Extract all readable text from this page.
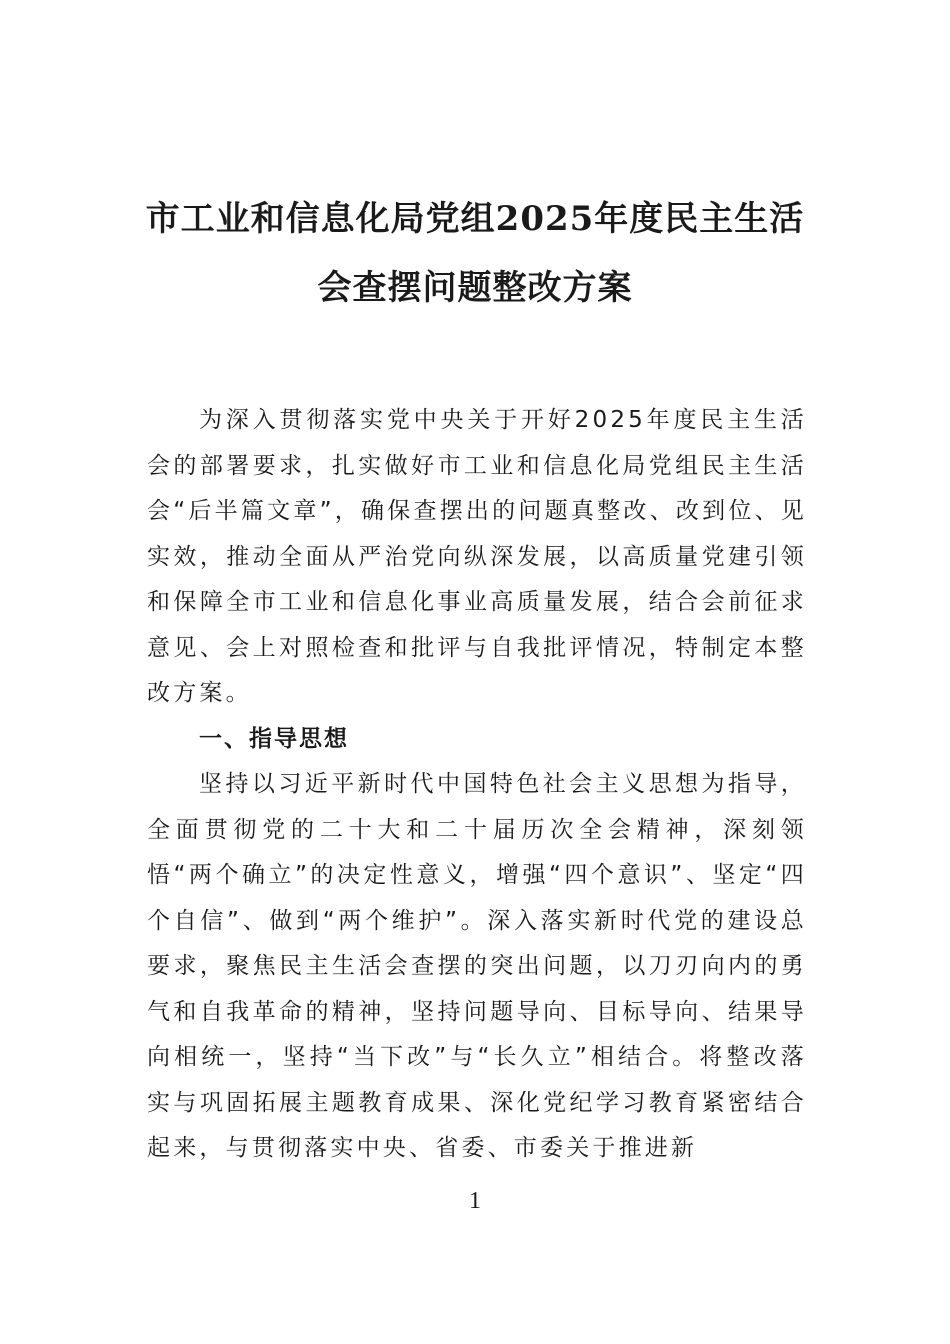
市工业和信息化局党组2025年度民主生活
会查摆问题整改方案

为深入贯彻落实党中央关于开好2025年度民主生活会的部署要求，扎实做好市工业和信息化局党组民主生活会“后半篇文章”，确保查摆出的问题真整改、改到位、见实效，推动全面从严治党向纵深发展，以高质量党建引领和保障全市工业和信息化事业高质量发展，结合会前征求意见、会上对照检查和批评与自我批评情况，特制定本整改方案。

一、指导思想

坚持以习近平新时代中国特色社会主义思想为指导，全面贯彻党的二十大和二十届历次全会精神，深刻领悟“两个确立”的决定性意义，增强“四个意识”、坚定“四个自信”、做到“两个维护”。深入落实新时代党的建设总要求，聚焦民主生活会查摆的突出问题，以刀刃向内的勇气和自我革命的精神，坚持问题导向、目标导向、结果导向相统一，坚持“当下改”与“长久立”相结合。将整改落实与巩固拓展主题教育成果、深化党纪学习教育紧密结合起来，与贯彻落实中央、省委、市委关于推进新

1
